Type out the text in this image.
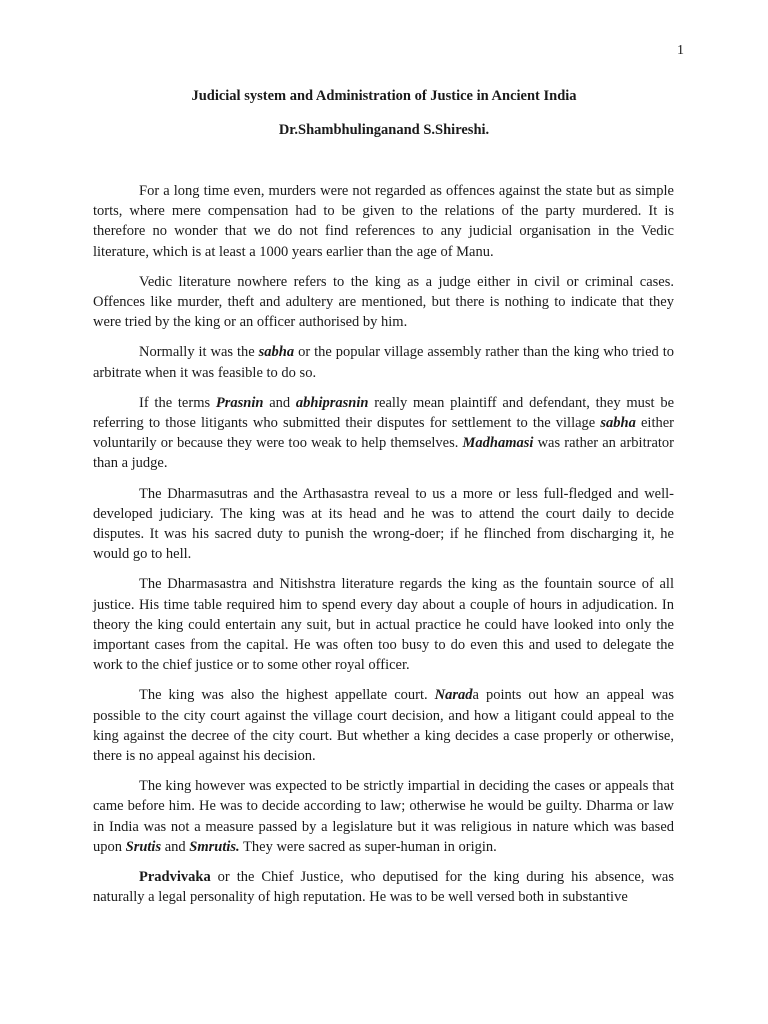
1
Judicial system and Administration of Justice in Ancient India
Dr.Shambhulinganand S.Shireshi.

For a long time even, murders were not regarded as offences against the state but as simple torts, where mere compensation had to be given to the relations of the party murdered. It is therefore no wonder that we do not find references to any judicial organisation in the Vedic literature, which is at least a 1000 years earlier than the age of Manu.

Vedic literature nowhere refers to the king as a judge either in civil or criminal cases. Offences like murder, theft and adultery are mentioned, but there is nothing to indicate that they were tried by the king or an officer authorised by him.

Normally it was the sabha or the popular village assembly rather than the king who tried to arbitrate when it was feasible to do so.

If the terms Prasnin and abhiprasnin really mean plaintiff and defendant, they must be referring to those litigants who submitted their disputes for settlement to the village sabha either voluntarily or because they were too weak to help themselves. Madhamasi was rather an arbitrator than a judge.

The Dharmasutras and the Arthasastra reveal to us a more or less full-fledged and well-developed judiciary. The king was at its head and he was to attend the court daily to decide disputes. It was his sacred duty to punish the wrong-doer; if he flinched from discharging it, he would go to hell.

The Dharmasastra and Nitishstra literature regards the king as the fountain source of all justice. His time table required him to spend every day about a couple of hours in adjudication. In theory the king could entertain any suit, but in actual practice he could have looked into only the important cases from the capital. He was often too busy to do even this and used to delegate the work to the chief justice or to some other royal officer.

The king was also the highest appellate court. Narada points out how an appeal was possible to the city court against the village court decision, and how a litigant could appeal to the king against the decree of the city court. But whether a king decides a case properly or otherwise, there is no appeal against his decision.

The king however was expected to be strictly impartial in deciding the cases or appeals that came before him. He was to decide according to law; otherwise he would be guilty. Dharma or law in India was not a measure passed by a legislature but it was religious in nature which was based upon Srutis and Smrutis. They were sacred as super-human in origin.

Pradvivaka or the Chief Justice, who deputised for the king during his absence, was naturally a legal personality of high reputation. He was to be well versed both in substantive
